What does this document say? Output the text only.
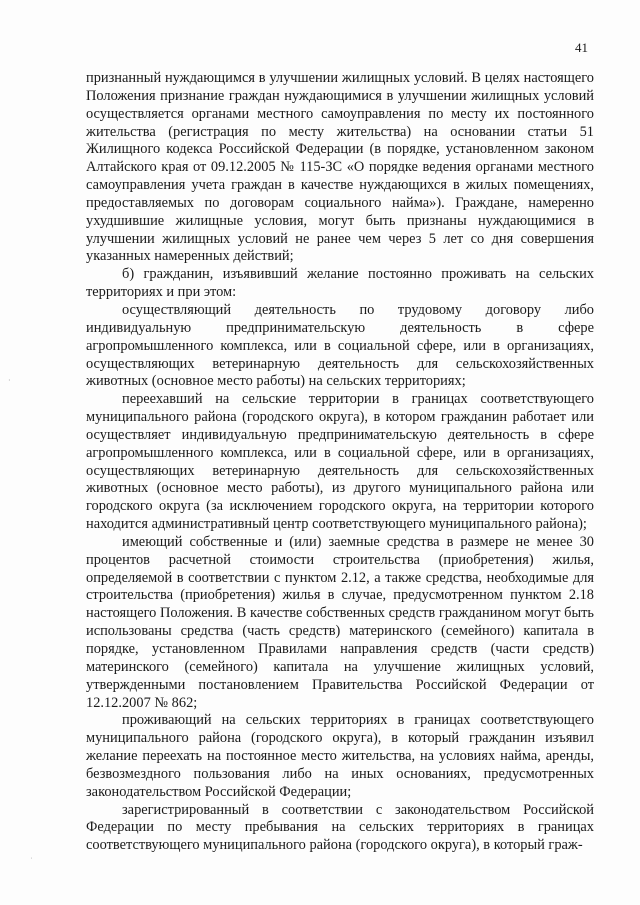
41

признанный нуждающимся в улучшении жилищных условий. В целях настоящего Положения признание граждан нуждающимися в улучшении жилищных условий осуществляется органами местного самоуправления по месту их постоянного жительства (регистрация по месту жительства) на основании статьи 51 Жилищного кодекса Российской Федерации (в порядке, установленном законом Алтайского края от 09.12.2005 № 115-ЗС «О порядке ведения органами местного самоуправления учета граждан в качестве нуждающихся в жилых помещениях, предоставляемых по договорам социального найма»). Граждане, намеренно ухудшившие жилищные условия, могут быть признаны нуждающимися в улучшении жилищных условий не ранее чем через 5 лет со дня совершения указанных намеренных действий;

б) гражданин, изъявивший желание постоянно проживать на сельских территориях и при этом:

осуществляющий деятельность по трудовому договору либо индивидуальную предпринимательскую деятельность в сфере агропромышленного комплекса, или в социальной сфере, или в организациях, осуществляющих ветеринарную деятельность для сельскохозяйственных животных (основное место работы) на сельских территориях;

переехавший на сельские территории в границах соответствующего муниципального района (городского округа), в котором гражданин работает или осуществляет индивидуальную предпринимательскую деятельность в сфере агропромышленного комплекса, или в социальной сфере, или в организациях, осуществляющих ветеринарную деятельность для сельскохозяйственных животных (основное место работы), из другого муниципального района или городского округа (за исключением городского округа, на территории которого находится административный центр соответствующего муниципального района);

имеющий собственные и (или) заемные средства в размере не менее 30 процентов расчетной стоимости строительства (приобретения) жилья, определяемой в соответствии с пунктом 2.12, а также средства, необходимые для строительства (приобретения) жилья в случае, предусмотренном пунктом 2.18 настоящего Положения. В качестве собственных средств гражданином могут быть использованы средства (часть средств) материнского (семейного) капитала в порядке, установленном Правилами направления средств (части средств) материнского (семейного) капитала на улучшение жилищных условий, утвержденными постановлением Правительства Российской Федерации от 12.12.2007 № 862;

проживающий на сельских территориях в границах соответствующего муниципального района (городского округа), в который гражданин изъявил желание переехать на постоянное место жительства, на условиях найма, аренды, безвозмездного пользования либо на иных основаниях, предусмотренных законодательством Российской Федерации;

зарегистрированный в соответствии с законодательством Российской Федерации по месту пребывания на сельских территориях в границах соответствующего муниципального района (городского округа), в который граж-

·
˙
